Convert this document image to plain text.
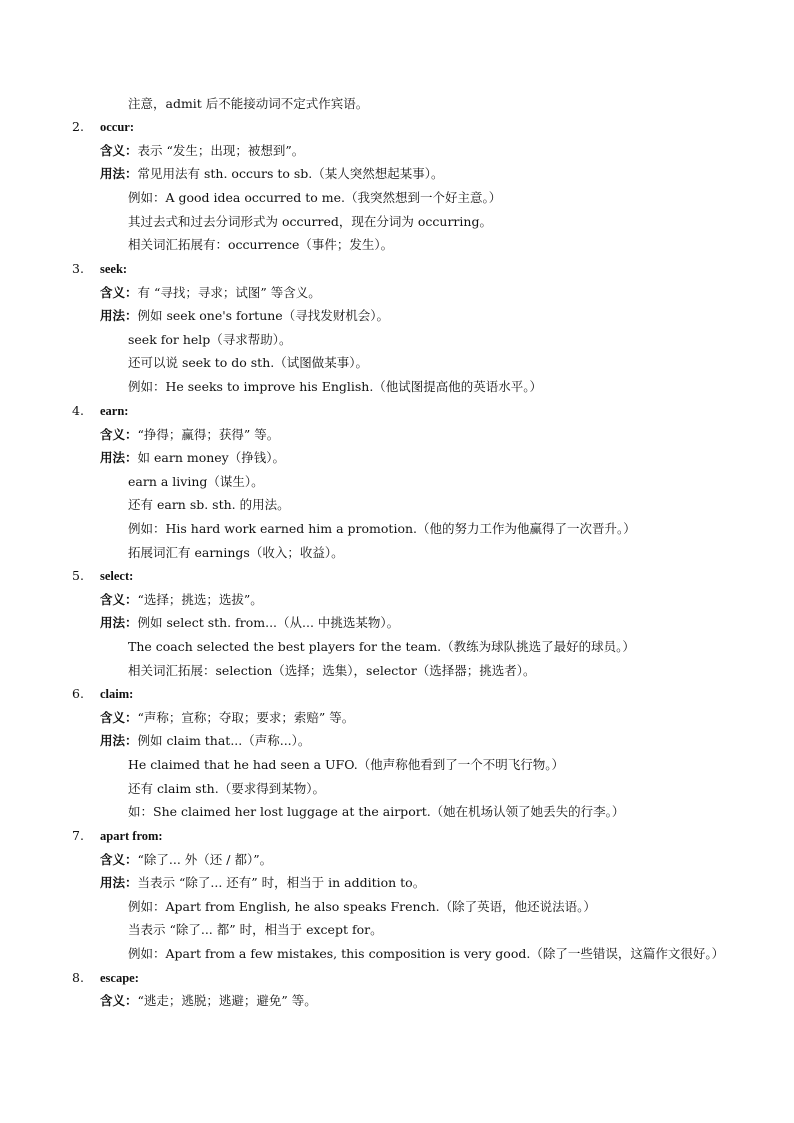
注意，admit 后不能接动词不定式作宾语。
2. occur:
含义：表示 “发生；出现；被想到”。
用法：常见用法有 sth. occurs to sb.（某人突然想起某事）。
例如：A good idea occurred to me.（我突然想到一个好主意。）
其过去式和过去分词形式为 occurred，现在分词为 occurring。
相关词汇拓展有：occurrence（事件；发生）。
3. seek:
含义：有 “寻找；寻求；试图” 等含义。
用法：例如 seek one's fortune（寻找发财机会）。
seek for help（寻求帮助）。
还可以说 seek to do sth.（试图做某事）。
例如：He seeks to improve his English.（他试图提高他的英语水平。）
4. earn:
含义：“挣得；赢得；获得” 等。
用法：如 earn money（挣钱）。
earn a living（谋生）。
还有 earn sb. sth. 的用法。
例如：His hard work earned him a promotion.（他的努力工作为他赢得了一次晋升。）
拓展词汇有 earnings（收入；收益）。
5. select:
含义：“选择；挑选；选拔”。
用法：例如 select sth. from...（从... 中挑选某物）。
The coach selected the best players for the team.（教练为球队挑选了最好的球员。）
相关词汇拓展：selection（选择；选集），selector（选择器；挑选者）。
6. claim:
含义：“声称；宣称；夺取；要求；索赔” 等。
用法：例如 claim that...（声称...）。
He claimed that he had seen a UFO.（他声称他看到了一个不明飞行物。）
还有 claim sth.（要求得到某物）。
如：She claimed her lost luggage at the airport.（她在机场认领了她丢失的行李。）
7. apart from:
含义：“除了... 外（还 / 都）”。
用法：当表示 “除了... 还有” 时，相当于 in addition to。
例如：Apart from English, he also speaks French.（除了英语，他还说法语。）
当表示 “除了... 都” 时，相当于 except for。
例如：Apart from a few mistakes, this composition is very good.（除了一些错误，这篇作文很好。）
8. escape:
含义：“逃走；逃脱；逃避；避免” 等。
